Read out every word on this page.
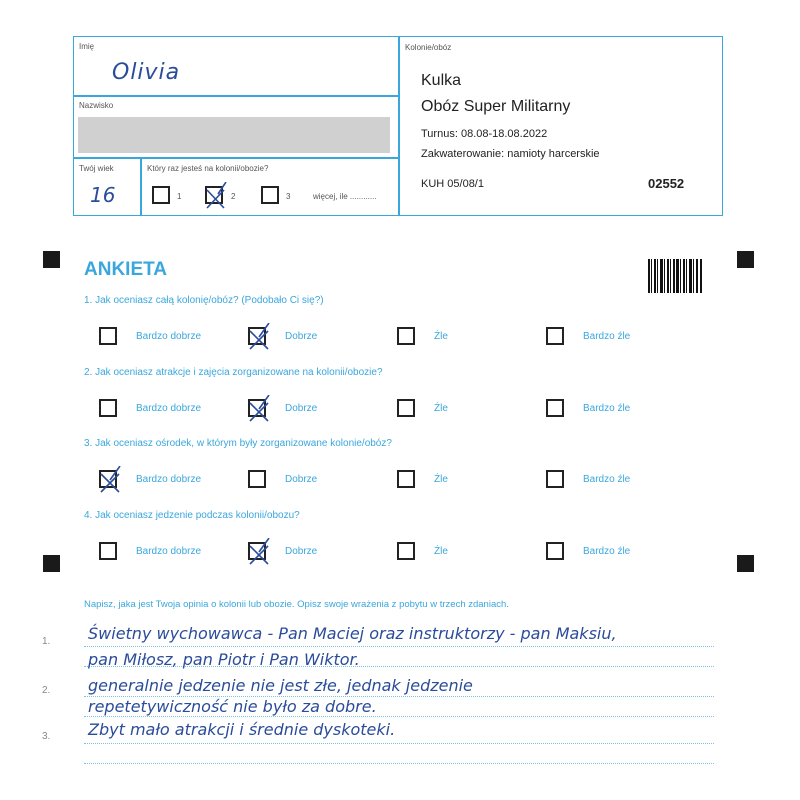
Imię
Olivia
Nazwisko
Twój wiek
16
Który raz jesteś na kolonii/obozie?
1	2	3	więcej, ile ............
Kolonie/obóz
Kulka
Obóz Super Militarny
Turnus: 08.08-18.08.2022
Zakwaterowanie: namioty harcerskie
KUH 05/08/1	02552
ANKIETA
1. Jak oceniasz całą kolonię/obóz? (Podobało Ci się?)
Bardzo dobrze	Dobrze	Źle	Bardzo źle
2. Jak oceniasz atrakcje i zajęcia zorganizowane na kolonii/obozie?
Bardzo dobrze	Dobrze	Źle	Bardzo źle
3. Jak oceniasz ośrodek, w którym były zorganizowane kolonie/obóz?
Bardzo dobrze	Dobrze	Źle	Bardzo źle
4. Jak oceniasz jedzenie podczas kolonii/obozu?
Bardzo dobrze	Dobrze	Źle	Bardzo źle
Napisz, jaka jest Twoja opinia o kolonii lub obozie. Opisz swoje wrażenia z pobytu w trzech zdaniach.
1.
2.
3.
Świetny wychowawca - Pan Maciej oraz instruktorzy - pan Maksiu,
pan Miłosz, pan Piotr i Pan Wiktor.
generalnie jedzenie nie jest złe, jednak jedzenie
repetetywiczność nie było za dobre.
Zbyt mało atrakcji i średnie dyskoteki.
